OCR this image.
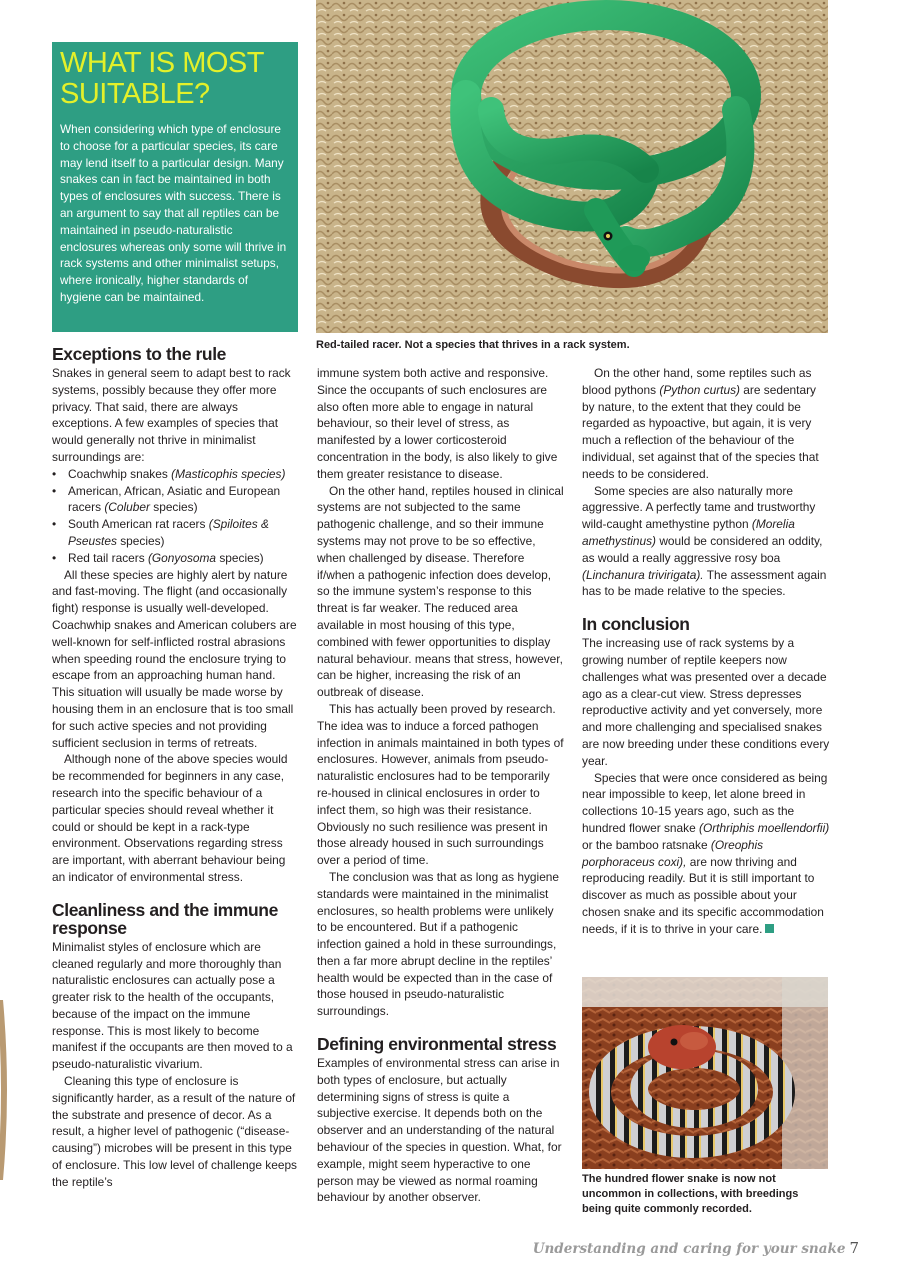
WHAT IS MOST SUITABLE?
When considering which type of enclosure to choose for a particular species, its care may lend itself to a particular design. Many snakes can in fact be maintained in both types of enclosures with success. There is an argument to say that all reptiles can be maintained in pseudo-naturalistic enclosures whereas only some will thrive in rack systems and other minimalist setups, where ironically, higher standards of hygiene can be maintained.
Red-tailed racer. Not a species that thrives in a rack system.

Exceptions to the rule

Snakes in general seem to adapt best to rack systems, possibly because they offer more privacy. That said, there are always exceptions. A few examples of species that would generally not thrive in minimalist surroundings are:

• Coachwhip snakes (Masticophis species)

• American, African, Asiatic and European racers (Coluber species)

• South American rat racers (Spiloites & Pseustes species)

• Red tail racers (Gonyosoma species)

All these species are highly alert by nature and fast-moving. The flight (and occasionally fight) response is usually well-developed. Coachwhip snakes and American colubers are well-known for self-inflicted rostral abrasions when speeding round the enclosure trying to escape from an approaching human hand. This situation will usually be made worse by housing them in an enclosure that is too small for such active species and not providing sufficient seclusion in terms of retreats.

Although none of the above species would be recommended for beginners in any case, research into the specific behaviour of a particular species should reveal whether it could or should be kept in a rack-type environment. Observations regarding stress are important, with aberrant behaviour being an indicator of environmental stress.

Cleanliness and the immune response

Minimalist styles of enclosure which are cleaned regularly and more thoroughly than naturalistic enclosures can actually pose a greater risk to the health of the occupants, because of the impact on the immune response. This is most likely to become manifest if the occupants are then moved to a pseudo-naturalistic vivarium.

Cleaning this type of enclosure is significantly harder, as a result of the nature of the substrate and presence of decor. As a result, a higher level of pathogenic (“disease-causing”) microbes will be present in this type of enclosure. This low level of challenge keeps the reptile’s

immune system both active and responsive. Since the occupants of such enclosures are also often more able to engage in natural behaviour, so their level of stress, as manifested by a lower corticosteroid concentration in the body, is also likely to give them greater resistance to disease.

On the other hand, reptiles housed in clinical systems are not subjected to the same pathogenic challenge, and so their immune systems may not prove to be so effective, when challenged by disease. Therefore if/when a pathogenic infection does develop, so the immune system’s response to this threat is far weaker. The reduced area available in most housing of this type, combined with fewer opportunities to display natural behaviour. means that stress, however, can be higher, increasing the risk of an outbreak of disease.

This has actually been proved by research. The idea was to induce a forced pathogen infection in animals maintained in both types of enclosures. However, animals from pseudo-naturalistic enclosures had to be temporarily re-housed in clinical enclosures in order to infect them, so high was their resistance. Obviously no such resilience was present in those already housed in such surroundings over a period of time.

The conclusion was that as long as hygiene standards were maintained in the minimalist enclosures, so health problems were unlikely to be encountered. But if a pathogenic infection gained a hold in these surroundings, then a far more abrupt decline in the reptiles’ health would be expected than in the case of those housed in pseudo-naturalistic surroundings.

Defining environmental stress

Examples of environmental stress can arise in both types of enclosure, but actually determining signs of stress is quite a subjective exercise. It depends both on the observer and an understanding of the natural behaviour of the species in question. What, for example, might seem hyperactive to one person may be viewed as normal roaming behaviour by another observer.

On the other hand, some reptiles such as blood pythons (Python curtus) are sedentary by nature, to the extent that they could be regarded as hypoactive, but again, it is very much a reflection of the behaviour of the individual, set against that of the species that needs to be considered.

Some species are also naturally more aggressive. A perfectly tame and trustworthy wild-caught amethystine python (Morelia amethystinus) would be considered an oddity, as would a really aggressive rosy boa (Linchanura trivirigata). The assessment again has to be made relative to the species.

In conclusion

The increasing use of rack systems by a growing number of reptile keepers now challenges what was presented over a decade ago as a clear-cut view. Stress depresses reproductive activity and yet conversely, more and more challenging and specialised snakes are now breeding under these conditions every year.

Species that were once considered as being near impossible to keep, let alone breed in collections 10-15 years ago, such as the hundred flower snake (Orthriphis moellendorfii) or the bamboo ratsnake (Oreophis porphoraceus coxi), are now thriving and reproducing readily. But it is still important to discover as much as possible about your chosen snake and its specific accommodation needs, if it is to thrive in your care.

The hundred flower snake is now not uncommon in collections, with breedings being quite commonly recorded.
Understanding and caring for your snake 7
